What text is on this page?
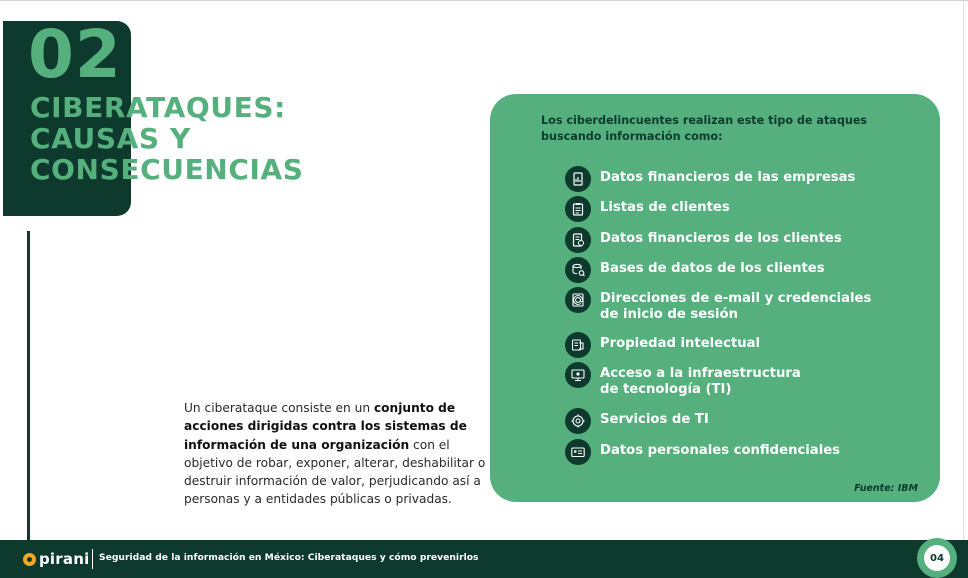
02
CIBERATAQUES:
CAUSAS Y
CONSECUENCIAS
Un ciberataque consiste en un conjunto de acciones dirigidas contra los sistemas de información de una organización con el objetivo de robar, exponer, alterar, deshabilitar o destruir información de valor, perjudicando así a personas y a entidades públicas o privadas.
Los ciberdelincuentes realizan este tipo de ataques buscando información como:
Datos financieros de las empresas
Listas de clientes
Datos financieros de los clientes
Bases de datos de los clientes
Direcciones de e-mail y credenciales
de inicio de sesión
Propiedad intelectual
Acceso a la infraestructura
de tecnología (TI)
Servicios de TI
Datos personales confidenciales
Fuente: IBM
pirani Seguridad de la información en México: Ciberataques y cómo prevenirlos	04
